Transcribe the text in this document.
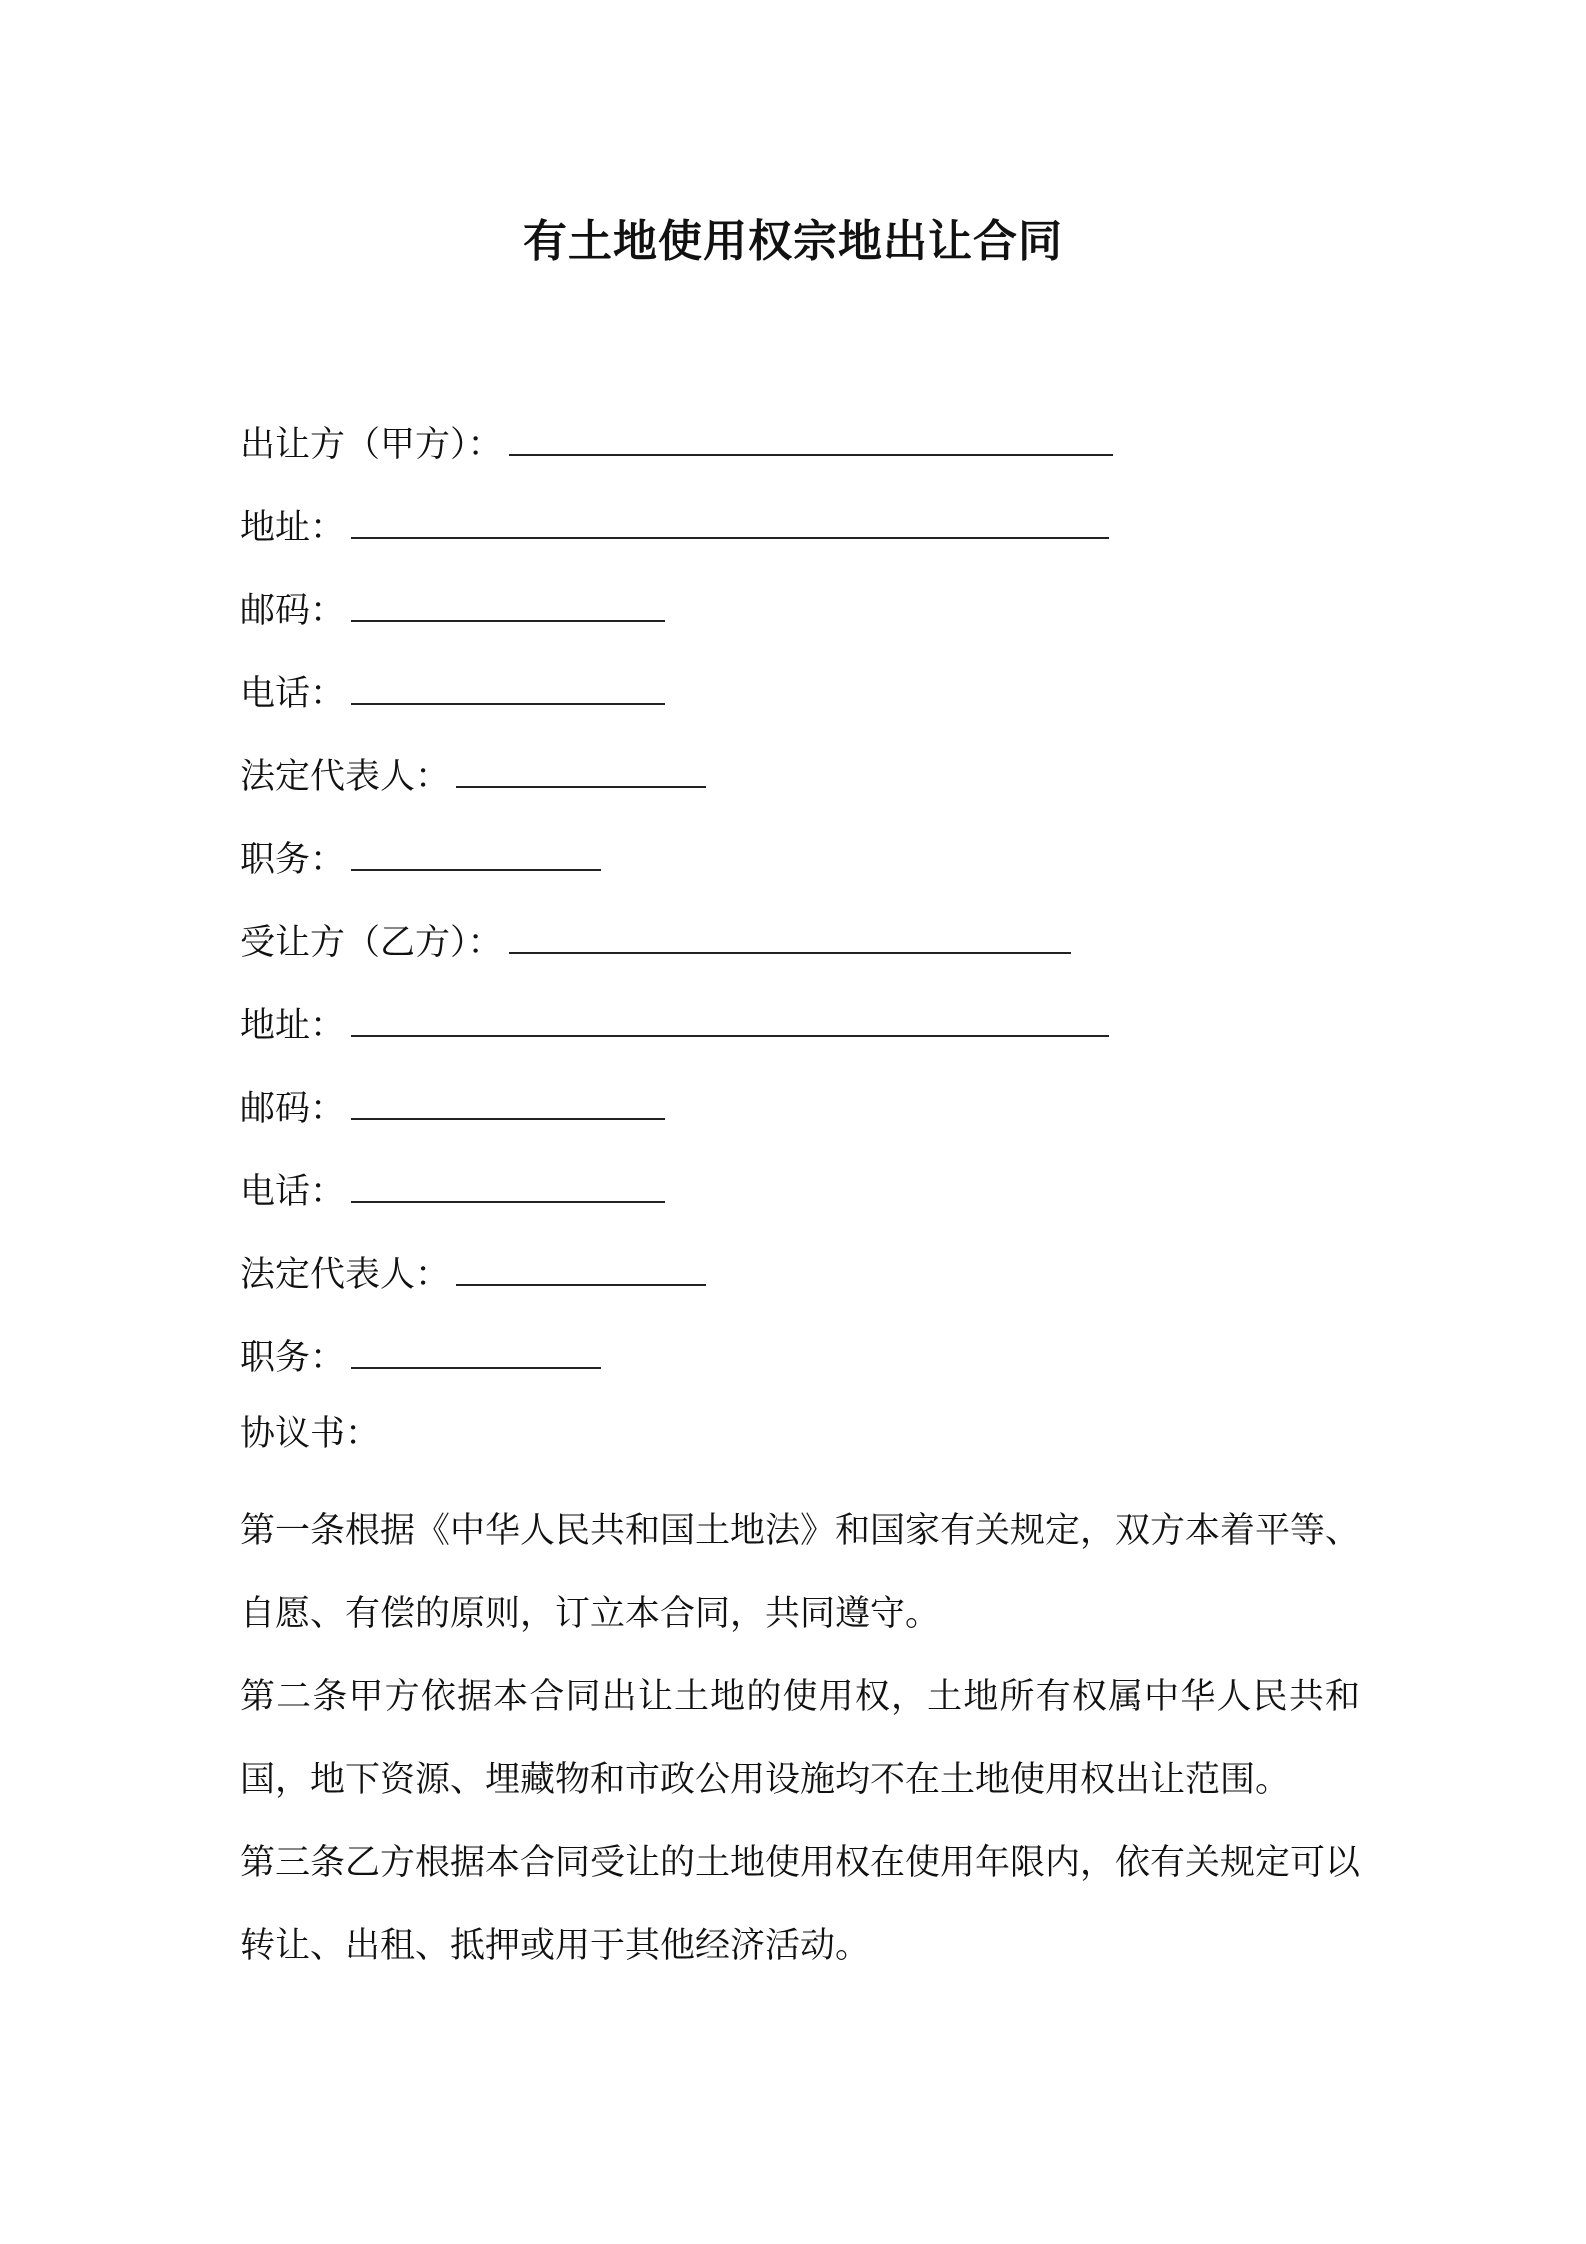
有土地使用权宗地出让合同
出让方（甲方）：
地址：
邮码：
电话：
法定代表人：
职务：
受让方（乙方）：
地址：
邮码：
电话：
法定代表人：
职务：
协议书：

第一条根据《中华人民共和国土地法》和国家有关规定，双方本着平等、自愿、有偿的原则，订立本合同，共同遵守。

第二条甲方依据本合同出让土地的使用权，土地所有权属中华人民共和国，地下资源、埋藏物和市政公用设施均不在土地使用权出让范围。

第三条乙方根据本合同受让的土地使用权在使用年限内，依有关规定可以转让、出租、抵押或用于其他经济活动。
